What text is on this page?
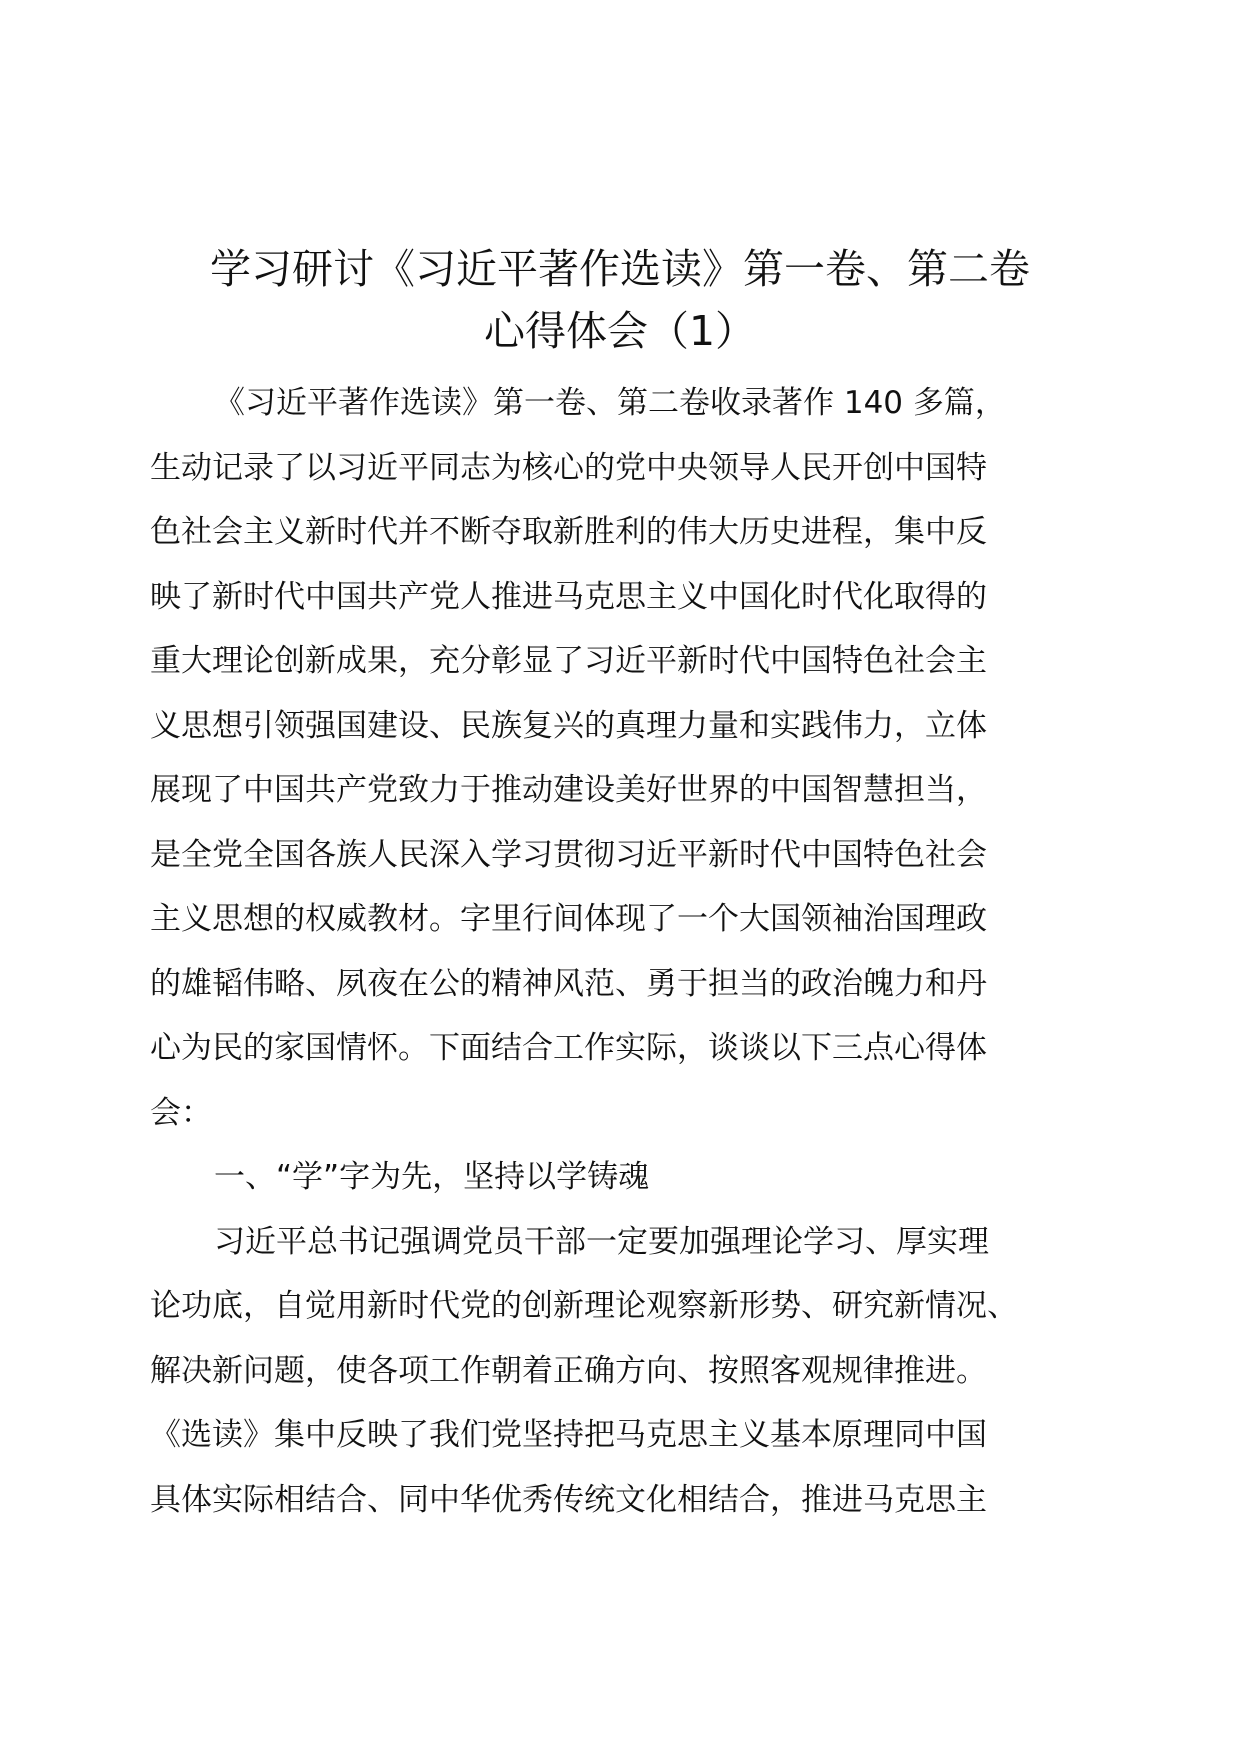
学习研讨《习近平著作选读》第一卷、第二卷
心得体会（1）
《习近平著作选读》第一卷、第二卷收录著作 140 多篇，
生动记录了以习近平同志为核心的党中央领导人民开创中国特
色社会主义新时代并不断夺取新胜利的伟大历史进程，集中反
映了新时代中国共产党人推进马克思主义中国化时代化取得的
重大理论创新成果，充分彰显了习近平新时代中国特色社会主
义思想引领强国建设、民族复兴的真理力量和实践伟力，立体
展现了中国共产党致力于推动建设美好世界的中国智慧担当，
是全党全国各族人民深入学习贯彻习近平新时代中国特色社会
主义思想的权威教材。字里行间体现了一个大国领袖治国理政
的雄韬伟略、夙夜在公的精神风范、勇于担当的政治魄力和丹
心为民的家国情怀。下面结合工作实际，谈谈以下三点心得体
会：
一、“学”字为先，坚持以学铸魂
习近平总书记强调党员干部一定要加强理论学习、厚实理
论功底，自觉用新时代党的创新理论观察新形势、研究新情况、
解决新问题，使各项工作朝着正确方向、按照客观规律推进。
《选读》集中反映了我们党坚持把马克思主义基本原理同中国
具体实际相结合、同中华优秀传统文化相结合，推进马克思主
